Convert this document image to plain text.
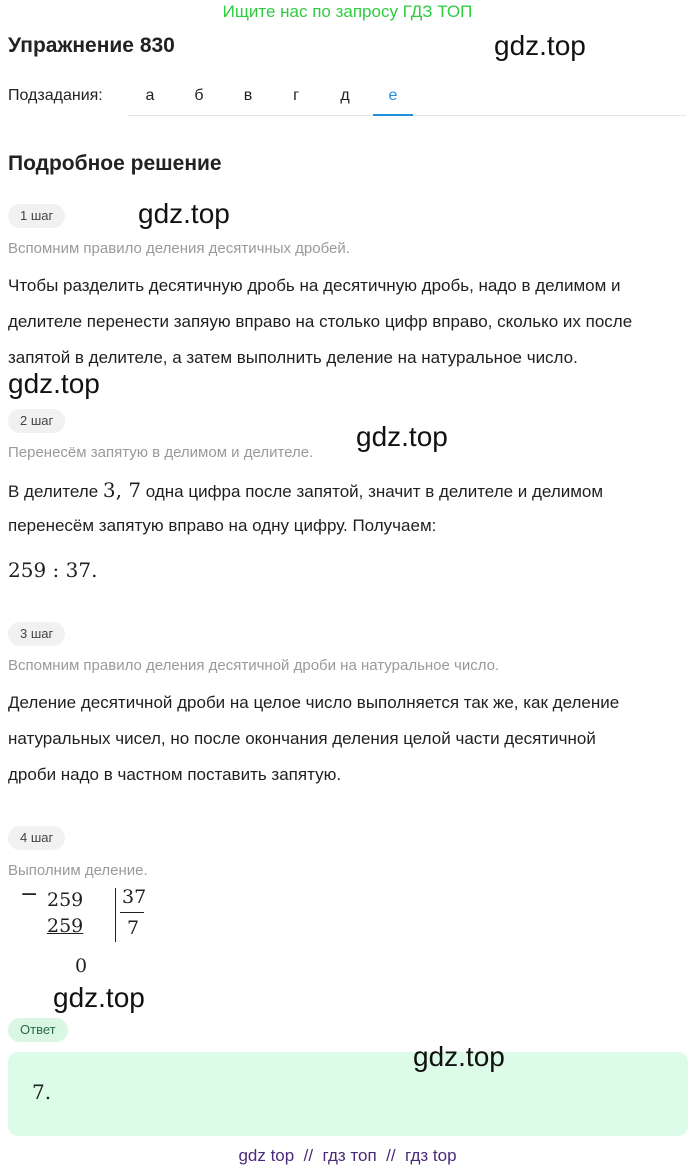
Ищите нас по запросу ГДЗ ТОП
Упражнение 830	gdz.top
Подзадания:	а	б	в	г	д	е
Подробное решение
1 шаг	gdz.top
Вспомним правило деления десятичных дробей.
Чтобы разделить десятичную дробь на десятичную дробь, надо в делимом и
делителе перенести запяую вправо на столько цифр вправо, сколько их после
запятой в делителе, а затем выполнить деление на натуральное число.
gdz.top
2 шаг
gdz.top
Перенесём запятую в делимом и делителе.
В делителе 3, 7 одна цифра после запятой, значит в делителе и делимом
перенесём запятую вправо на одну цифру. Получаем:
259 : 37.
3 шаг
Вспомним правило деления десятичной дроби на натуральное число.
Деление десятичной дроби на целое число выполняется так же, как деление
натуральных чисел, но после окончания деления целой части десятичной
дроби надо в частном поставить запятую.
4 шаг
Выполним деление.
− 259
259
37
7
0
gdz.top
Ответ
gdz.top
7.
gdz top  //  гдз топ  //  гдз top
